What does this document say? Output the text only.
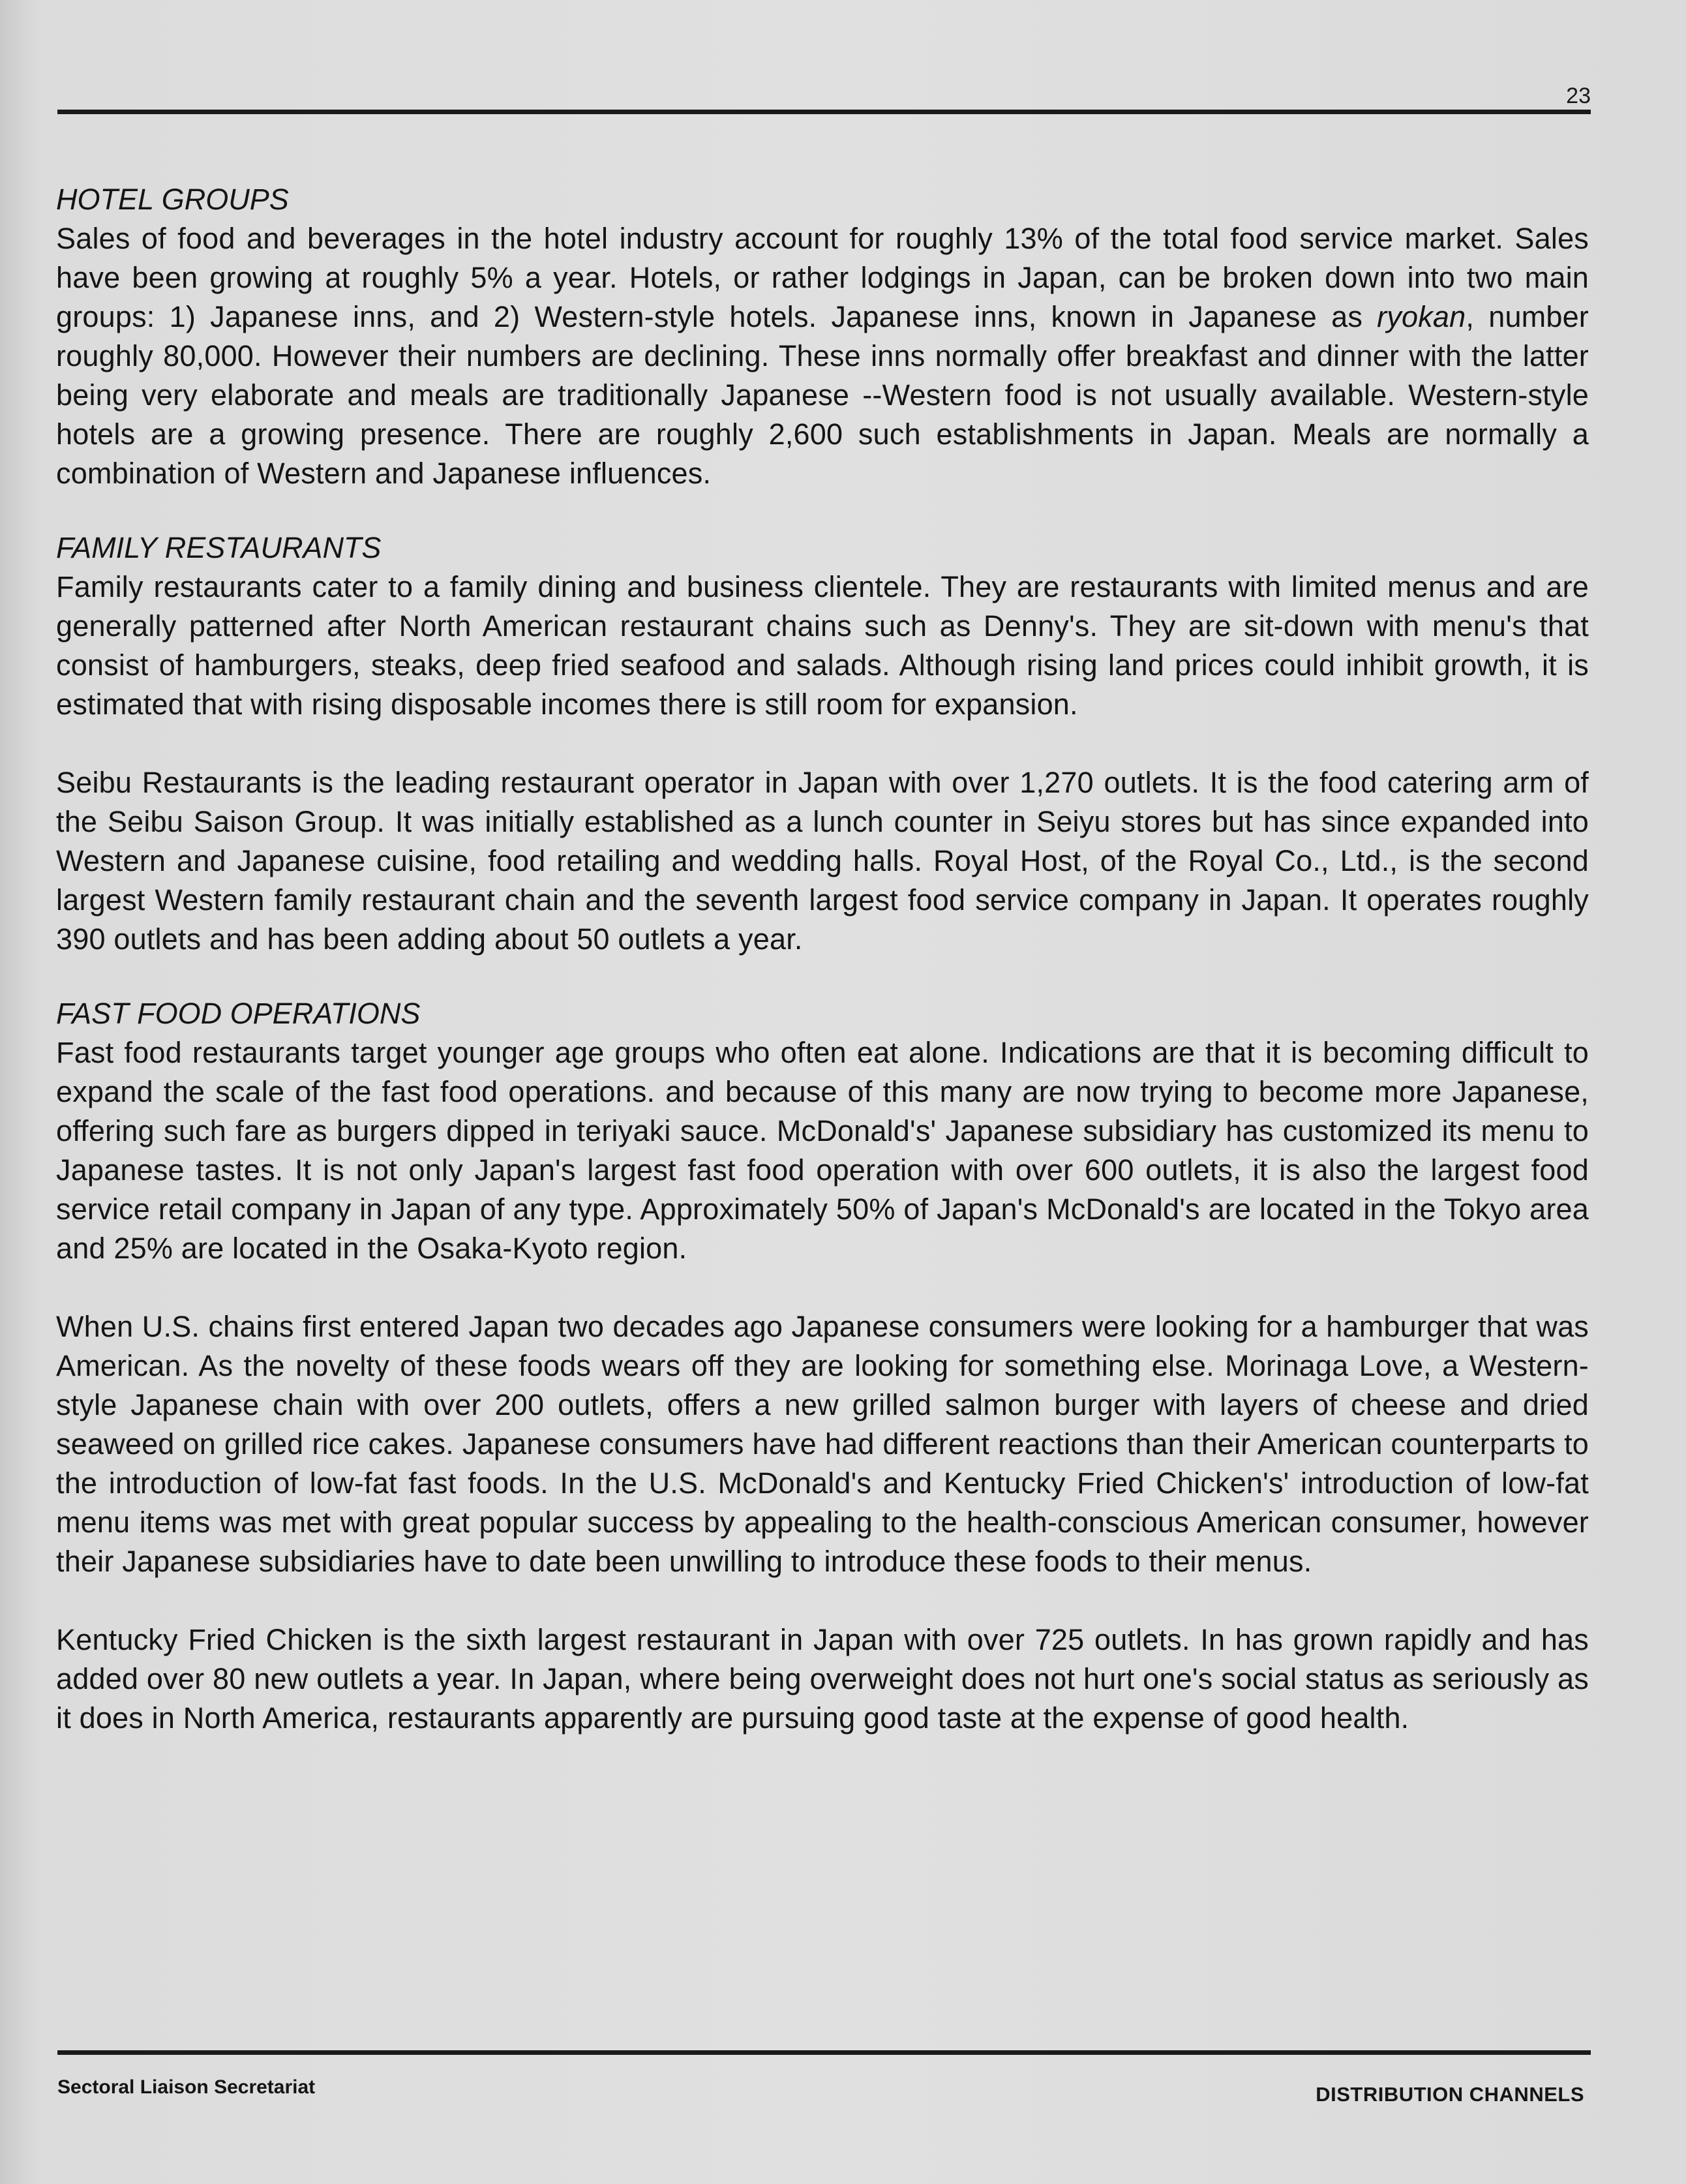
23
HOTEL GROUPS

Sales of food and beverages in the hotel industry account for roughly 13% of the total food service market. Sales have been growing at roughly 5% a year. Hotels, or rather lodgings in Japan, can be broken down into two main groups: 1) Japanese inns, and 2) Western-style hotels. Japanese inns, known in Japanese as ryokan, number roughly 80,000. However their numbers are declining. These inns normally offer breakfast and dinner with the latter being very elaborate and meals are traditionally Japanese --Western food is not usually available. Western-style hotels are a growing presence. There are roughly 2,600 such establishments in Japan. Meals are normally a combination of Western and Japanese influences.

FAMILY RESTAURANTS

Family restaurants cater to a family dining and business clientele. They are restaurants with limited menus and are generally patterned after North American restaurant chains such as Denny's. They are sit-down with menu's that consist of hamburgers, steaks, deep fried seafood and salads. Although rising land prices could inhibit growth, it is estimated that with rising disposable incomes there is still room for expansion.

Seibu Restaurants is the leading restaurant operator in Japan with over 1,270 outlets. It is the food catering arm of the Seibu Saison Group. It was initially established as a lunch counter in Seiyu stores but has since expanded into Western and Japanese cuisine, food retailing and wedding halls. Royal Host, of the Royal Co., Ltd., is the second largest Western family restaurant chain and the seventh largest food service company in Japan. It operates roughly 390 outlets and has been adding about 50 outlets a year.

FAST FOOD OPERATIONS

Fast food restaurants target younger age groups who often eat alone. Indications are that it is becoming difficult to expand the scale of the fast food operations. and because of this many are now trying to become more Japanese, offering such fare as burgers dipped in teriyaki sauce. McDonald's' Japanese subsidiary has customized its menu to Japanese tastes. It is not only Japan's largest fast food operation with over 600 outlets, it is also the largest food service retail company in Japan of any type. Approximately 50% of Japan's McDonald's are located in the Tokyo area and 25% are located in the Osaka-Kyoto region.

When U.S. chains first entered Japan two decades ago Japanese consumers were looking for a hamburger that was American. As the novelty of these foods wears off they are looking for something else. Morinaga Love, a Western-style Japanese chain with over 200 outlets, offers a new grilled salmon burger with layers of cheese and dried seaweed on grilled rice cakes. Japanese consumers have had different reactions than their American counterparts to the introduction of low-fat fast foods. In the U.S. McDonald's and Kentucky Fried Chicken's' introduction of low-fat menu items was met with great popular success by appealing to the health-conscious American consumer, however their Japanese subsidiaries have to date been unwilling to introduce these foods to their menus.

Kentucky Fried Chicken is the sixth largest restaurant in Japan with over 725 outlets. In has grown rapidly and has added over 80 new outlets a year. In Japan, where being overweight does not hurt one's social status as seriously as it does in North America, restaurants apparently are pursuing good taste at the expense of good health.

Sectoral Liaison Secretariat	DISTRIBUTION CHANNELS
